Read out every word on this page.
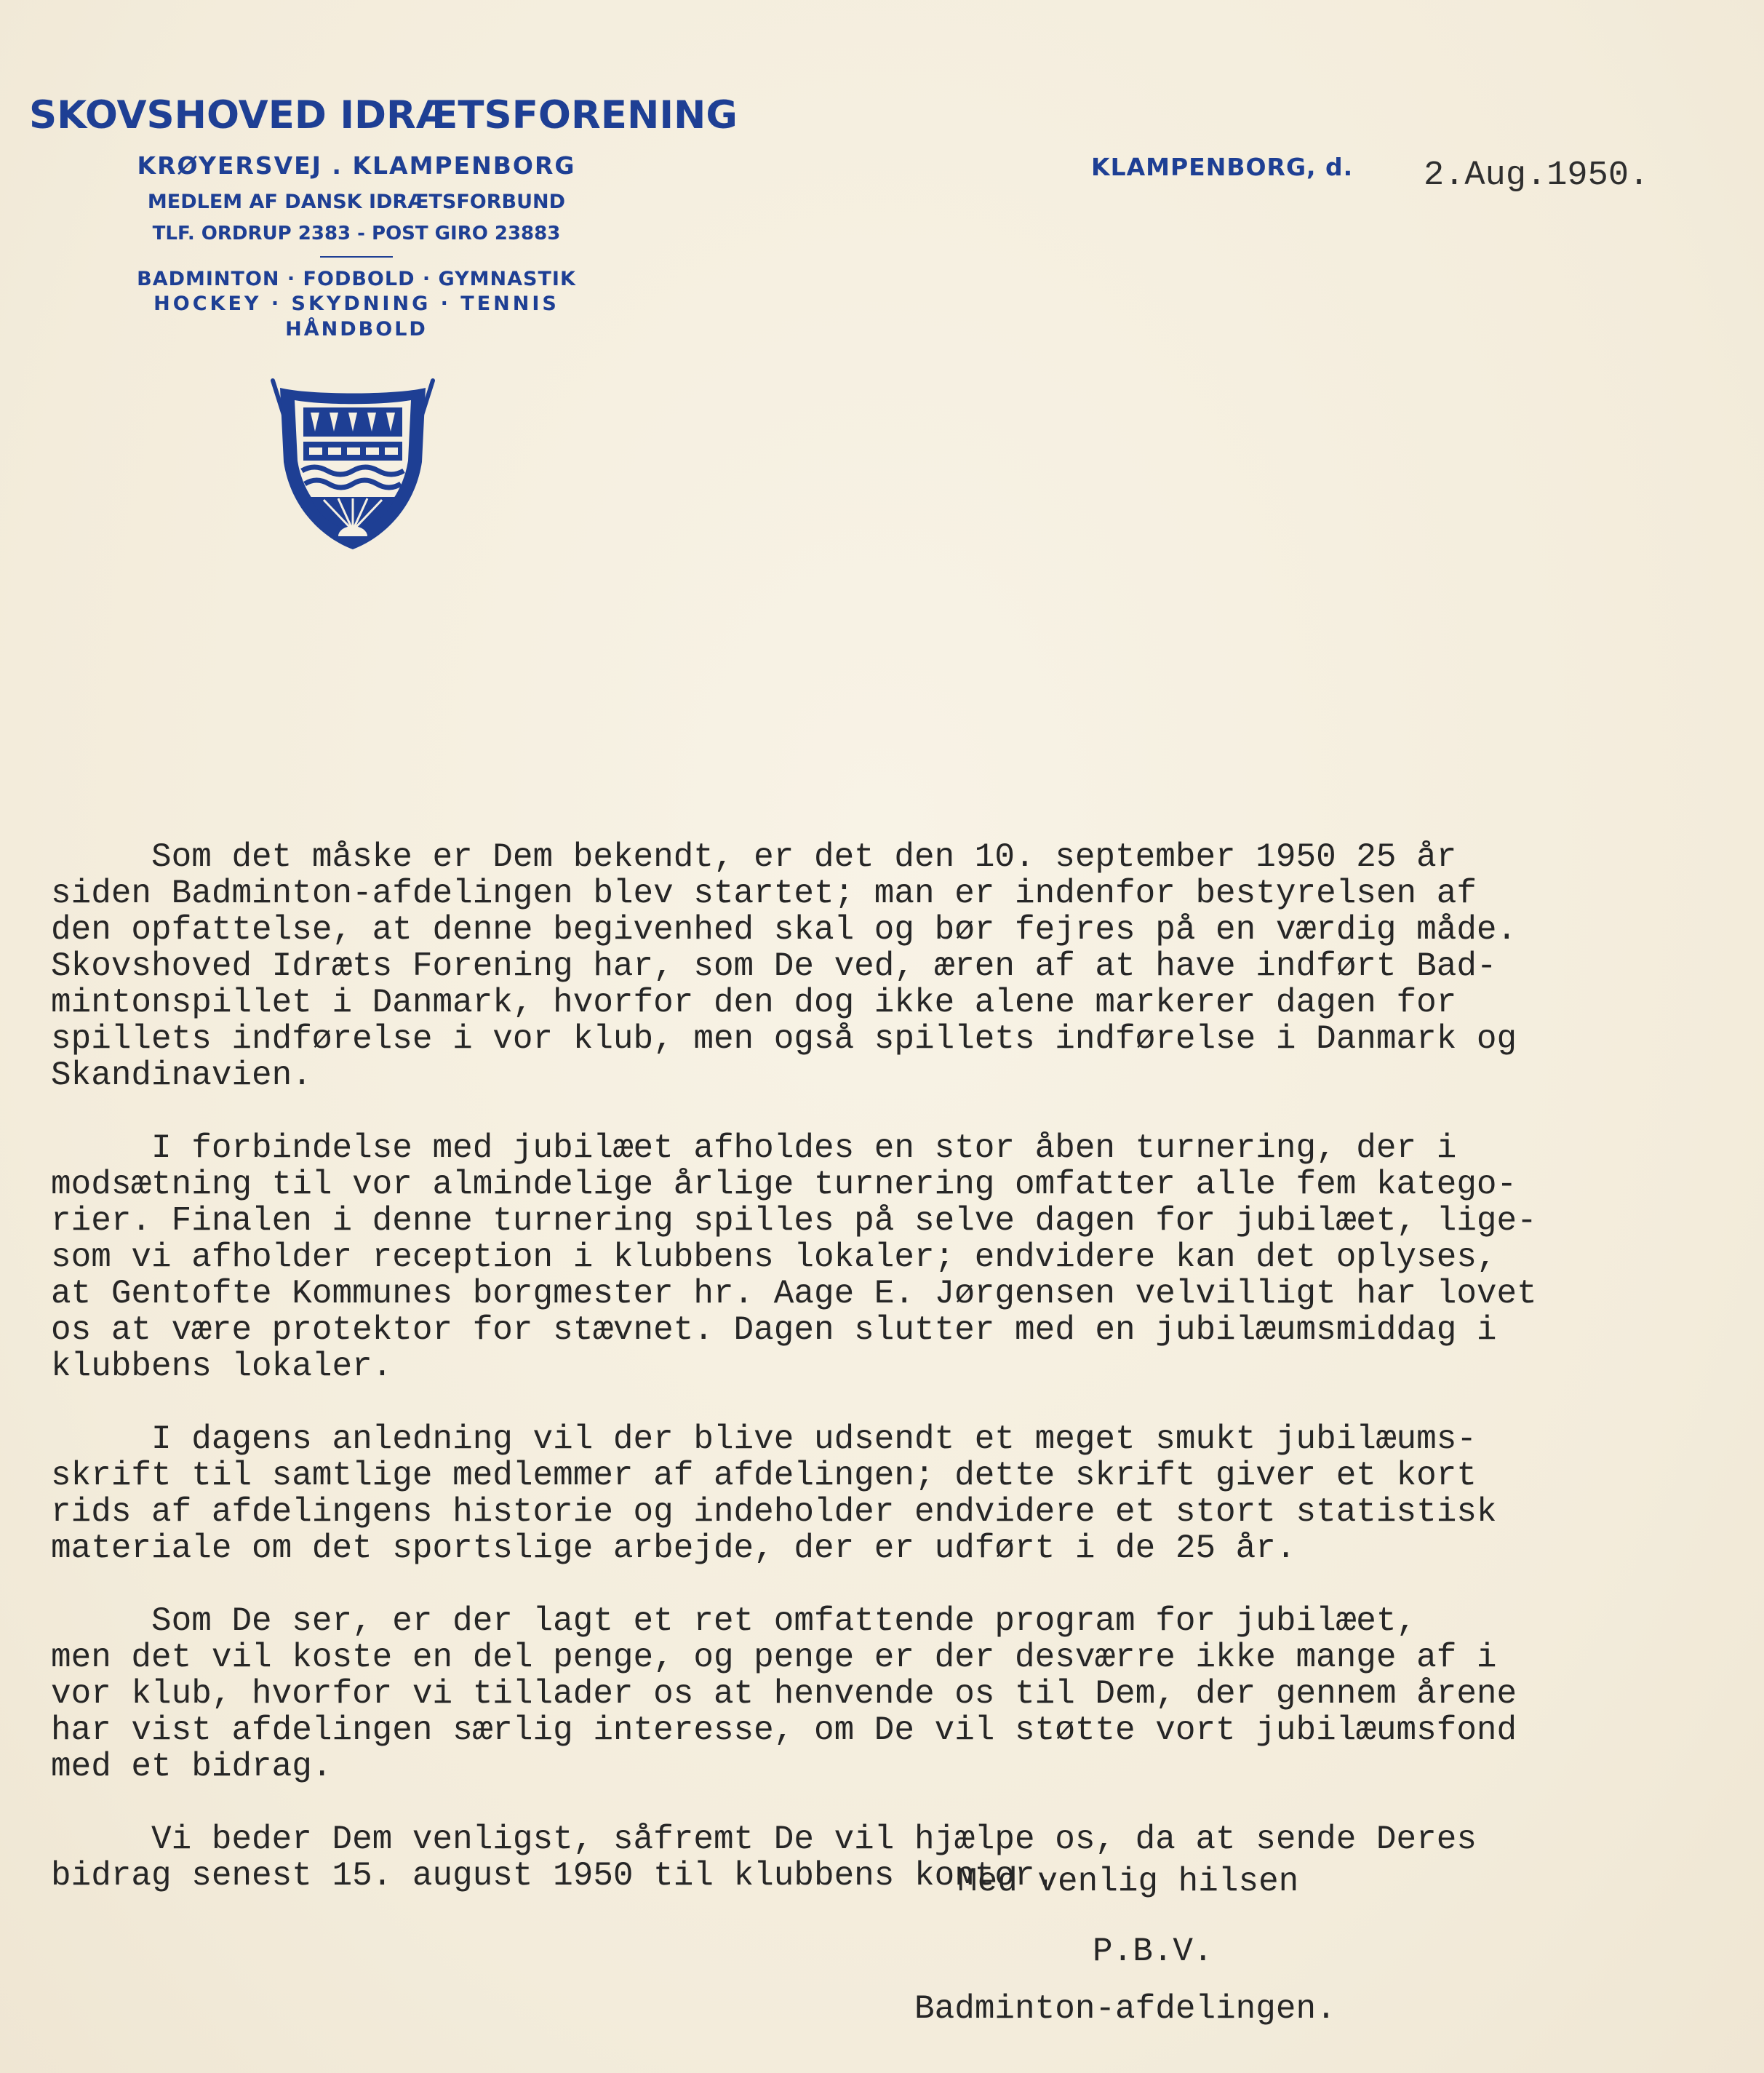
SKOVSHOVED IDRÆTSFORENING
KRØYERSVEJ . KLAMPENBORG
MEDLEM AF DANSK IDRÆTSFORBUND
TLF. ORDRUP 2383 - POST GIRO 23883
BADMINTON · FODBOLD · GYMNASTIK
HOCKEY · SKYDNING · TENNIS
HÅNDBOLD
KLAMPENBORG, d. 2.Aug.1950.
Som det måske er Dem bekendt, er det den 10. september 1950 25 år
siden Badminton-afdelingen blev startet; man er indenfor bestyrelsen af
den opfattelse, at denne begivenhed skal og bør fejres på en værdig måde.
Skovshoved Idræts Forening har, som De ved, æren af at have indført Bad-
mintonspillet i Danmark, hvorfor den dog ikke alene markerer dagen for
spillets indførelse i vor klub, men også spillets indførelse i Danmark og
Skandinavien.
I forbindelse med jubilæet afholdes en stor åben turnering, der i
modsætning til vor almindelige årlige turnering omfatter alle fem katego-
rier. Finalen i denne turnering spilles på selve dagen for jubilæet, lige-
som vi afholder reception i klubbens lokaler; endvidere kan det oplyses,
at Gentofte Kommunes borgmester hr. Aage E. Jørgensen velvilligt har lovet
os at være protektor for stævnet. Dagen slutter med en jubilæumsmiddag i
klubbens lokaler.
I dagens anledning vil der blive udsendt et meget smukt jubilæums-
skrift til samtlige medlemmer af afdelingen; dette skrift giver et kort
rids af afdelingens historie og indeholder endvidere et stort statistisk
materiale om det sportslige arbejde, der er udført i de 25 år.
Som De ser, er der lagt et ret omfattende program for jubilæet,
men det vil koste en del penge, og penge er der desværre ikke mange af i
vor klub, hvorfor vi tillader os at henvende os til Dem, der gennem årene
har vist afdelingen særlig interesse, om De vil støtte vort jubilæumsfond
med et bidrag.
Vi beder Dem venligst, såfremt De vil hjælpe os, da at sende Deres
bidrag senest 15. august 1950 til klubbens kontor.
Med venlig hilsen
P.B.V.
Badminton-afdelingen.
